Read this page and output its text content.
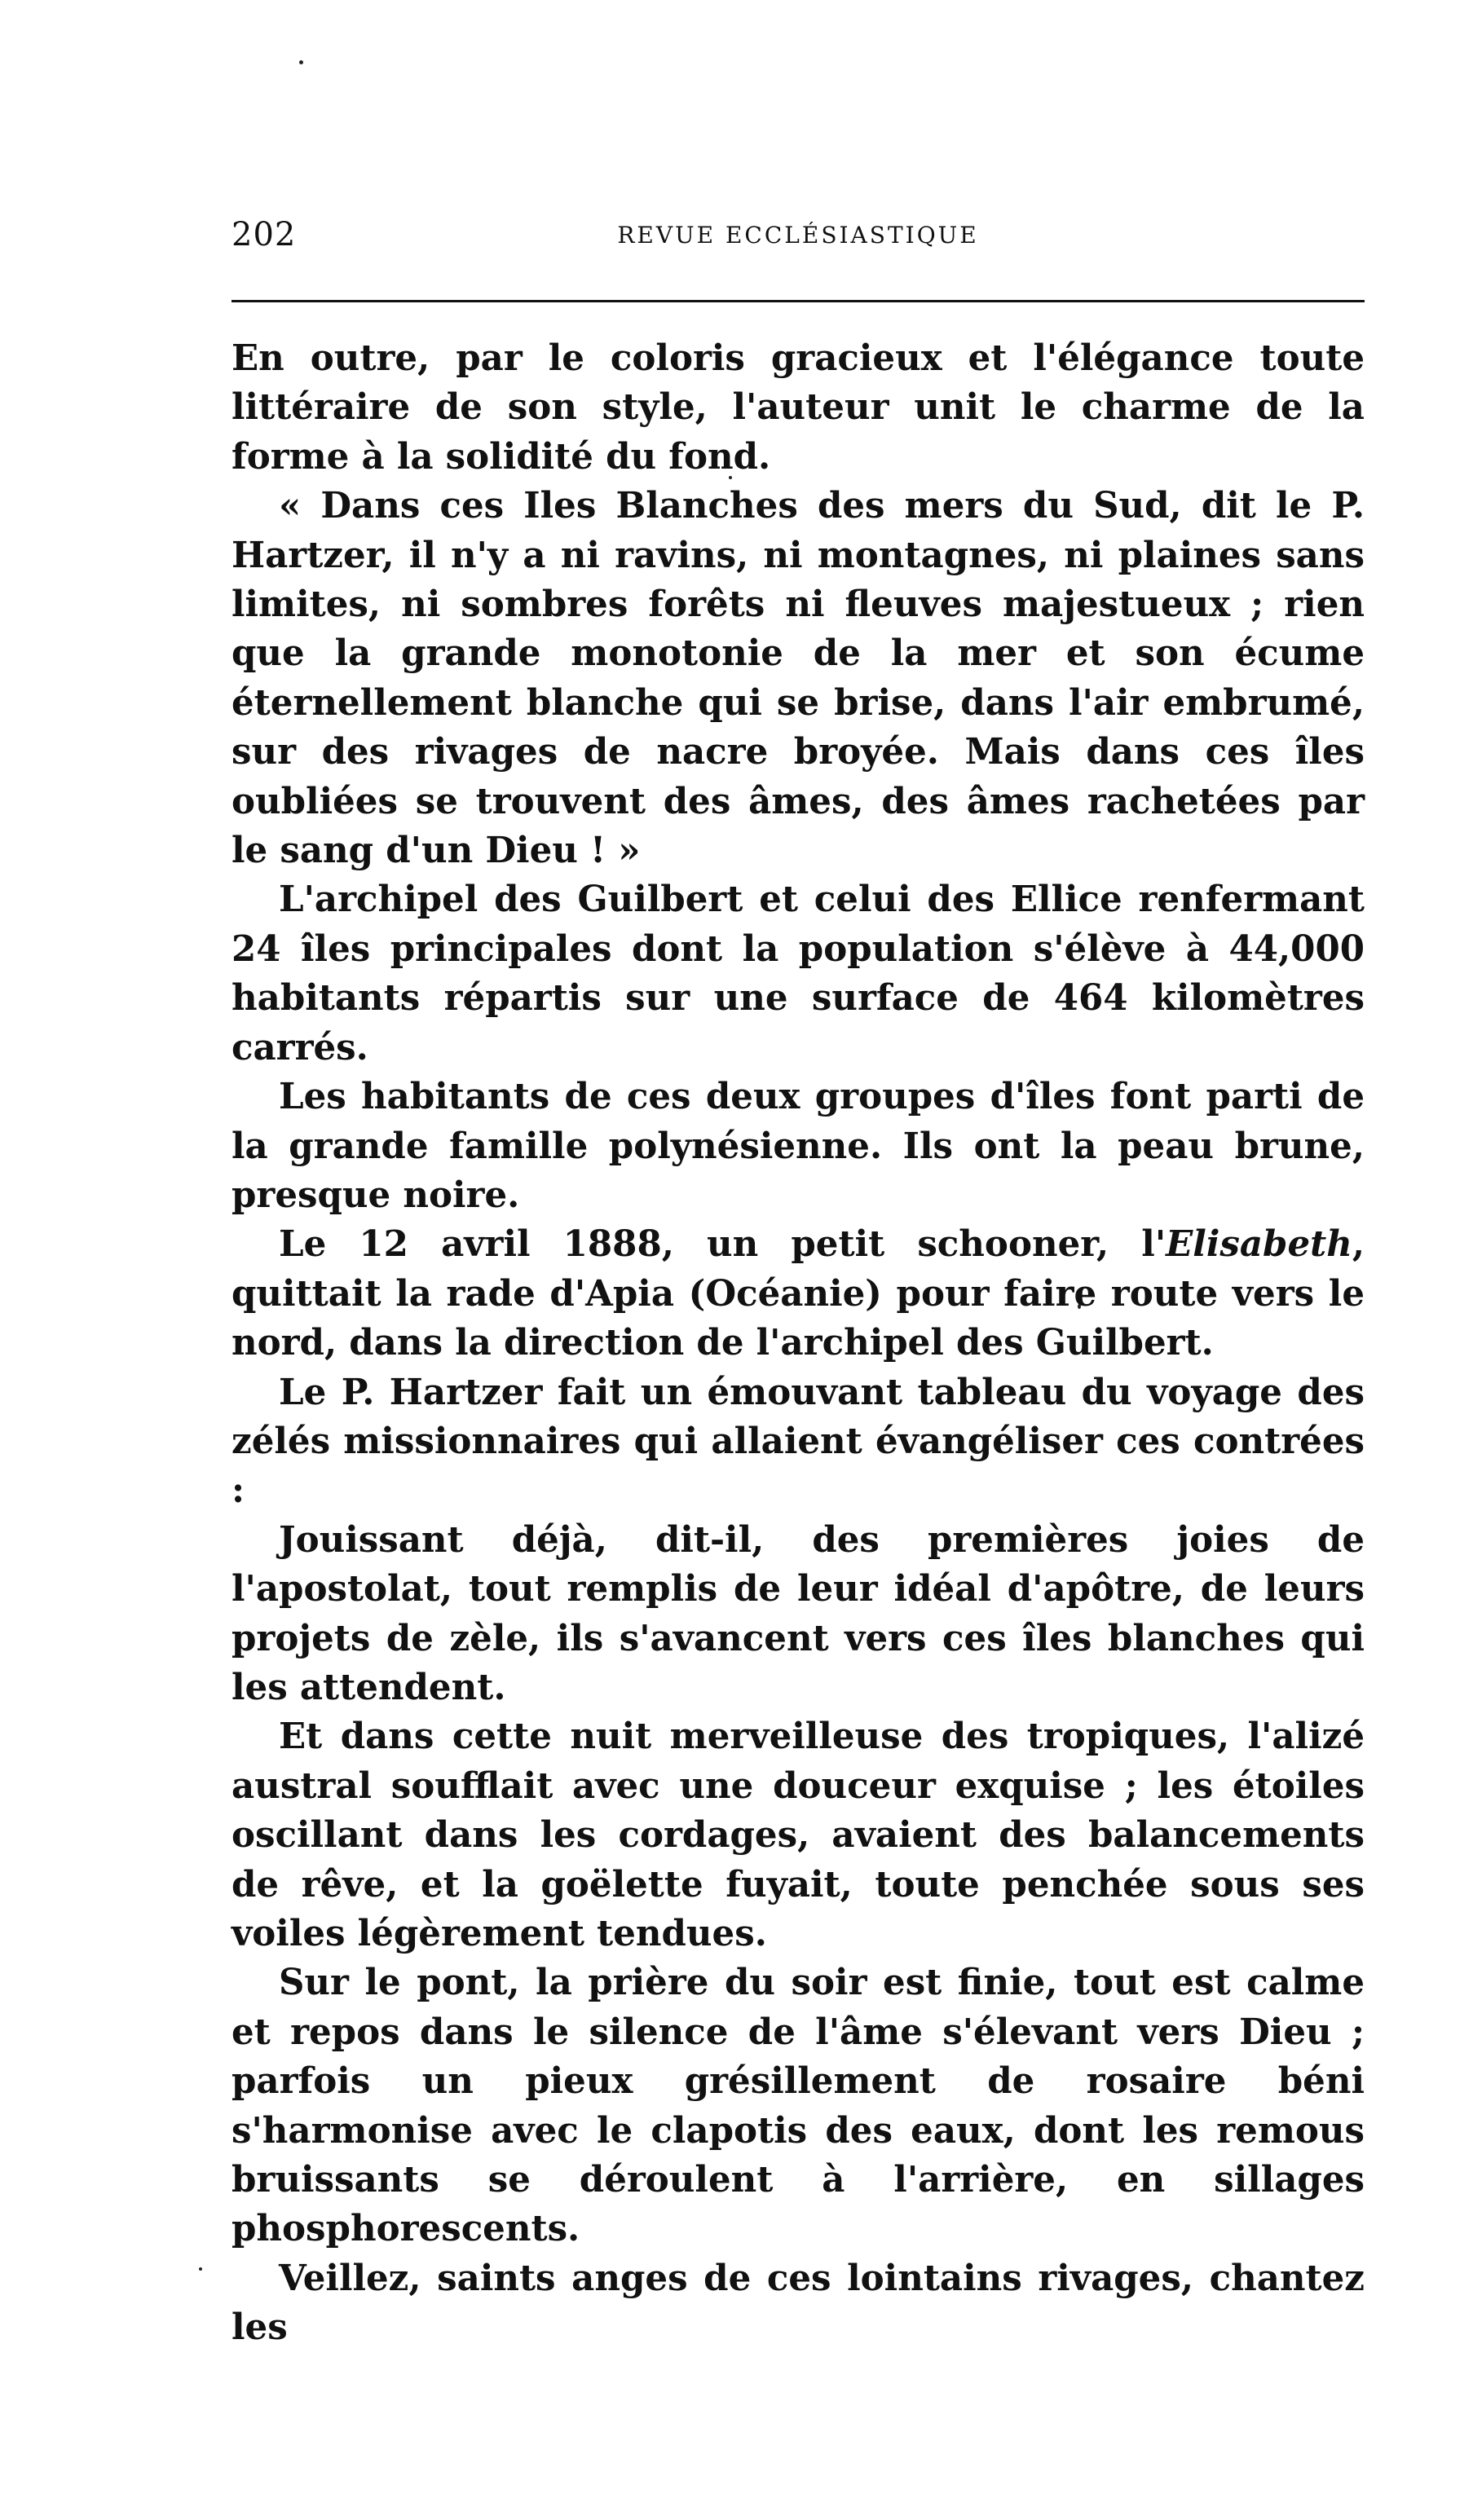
202	REVUE ECCLÉSIASTIQUE

En outre, par le coloris gracieux et l'élégance toute littéraire de son style, l'auteur unit le charme de la forme à la solidité du fond.

« Dans ces Iles Blanches des mers du Sud, dit le P. Hartzer, il n'y a ni ravins, ni montagnes, ni plaines sans limites, ni sombres forêts ni fleuves majestueux ; rien que la grande monotonie de la mer et son écume éternellement blanche qui se brise, dans l'air embrumé, sur des rivages de nacre broyée. Mais dans ces îles oubliées se trouvent des âmes, des âmes rachetées par le sang d'un Dieu ! »

L'archipel des Guilbert et celui des Ellice renfermant 24 îles principales dont la population s'élève à 44,000 habitants répartis sur une surface de 464 kilomètres carrés.

Les habitants de ces deux groupes d'îles font parti de la grande famille polynésienne. Ils ont la peau brune, presque noire.

Le 12 avril 1888, un petit schooner, l'Elisabeth, quittait la rade d'Apia (Océanie) pour faire route vers le nord, dans la direction de l'archipel des Guilbert.

Le P. Hartzer fait un émouvant tableau du voyage des zélés missionnaires qui allaient évangéliser ces contrées :

Jouissant déjà, dit-il, des premières joies de l'apostolat, tout remplis de leur idéal d'apôtre, de leurs projets de zèle, ils s'avancent vers ces îles blanches qui les attendent.

Et dans cette nuit merveilleuse des tropiques, l'alizé austral soufflait avec une douceur exquise ; les étoiles oscillant dans les cordages, avaient des balancements de rêve, et la goëlette fuyait, toute penchée sous ses voiles légèrement tendues.

Sur le pont, la prière du soir est finie, tout est calme et repos dans le silence de l'âme s'élevant vers Dieu ; parfois un pieux grésillement de rosaire béni s'harmonise avec le clapotis des eaux, dont les remous bruissants se déroulent à l'arrière, en sillages phosphorescents.

Veillez, saints anges de ces lointains rivages, chantez les
